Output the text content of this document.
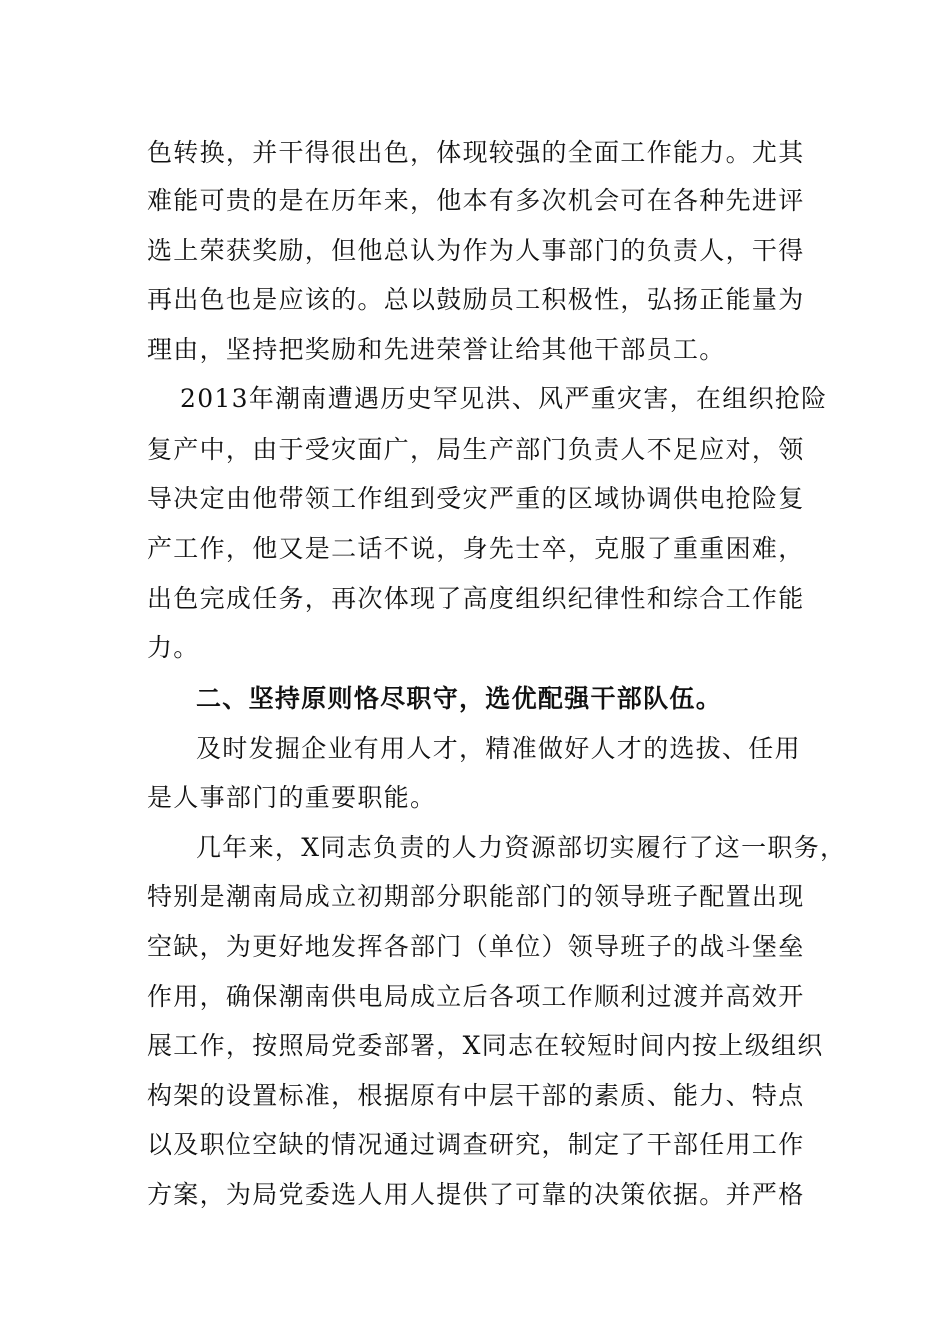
色转换，并干得很出色，体现较强的全面工作能力。尤其
难能可贵的是在历年来，他本有多次机会可在各种先进评
选上荣获奖励，但他总认为作为人事部门的负责人，干得
再出色也是应该的。总以鼓励员工积极性，弘扬正能量为
理由，坚持把奖励和先进荣誉让给其他干部员工。
2013年潮南遭遇历史罕见洪、风严重灾害，在组织抢险
复产中，由于受灾面广，局生产部门负责人不足应对，领
导决定由他带领工作组到受灾严重的区域协调供电抢险复
产工作，他又是二话不说，身先士卒，克服了重重困难，
出色完成任务，再次体现了高度组织纪律性和综合工作能
力。
二、坚持原则恪尽职守，选优配强干部队伍。
及时发掘企业有用人才，精准做好人才的选拔、任用
是人事部门的重要职能。
几年来，X同志负责的人力资源部切实履行了这一职务，
特别是潮南局成立初期部分职能部门的领导班子配置出现
空缺，为更好地发挥各部门（单位）领导班子的战斗堡垒
作用，确保潮南供电局成立后各项工作顺利过渡并高效开
展工作，按照局党委部署，X同志在较短时间内按上级组织
构架的设置标准，根据原有中层干部的素质、能力、特点
以及职位空缺的情况通过调查研究，制定了干部任用工作
方案，为局党委选人用人提供了可靠的决策依据。并严格
